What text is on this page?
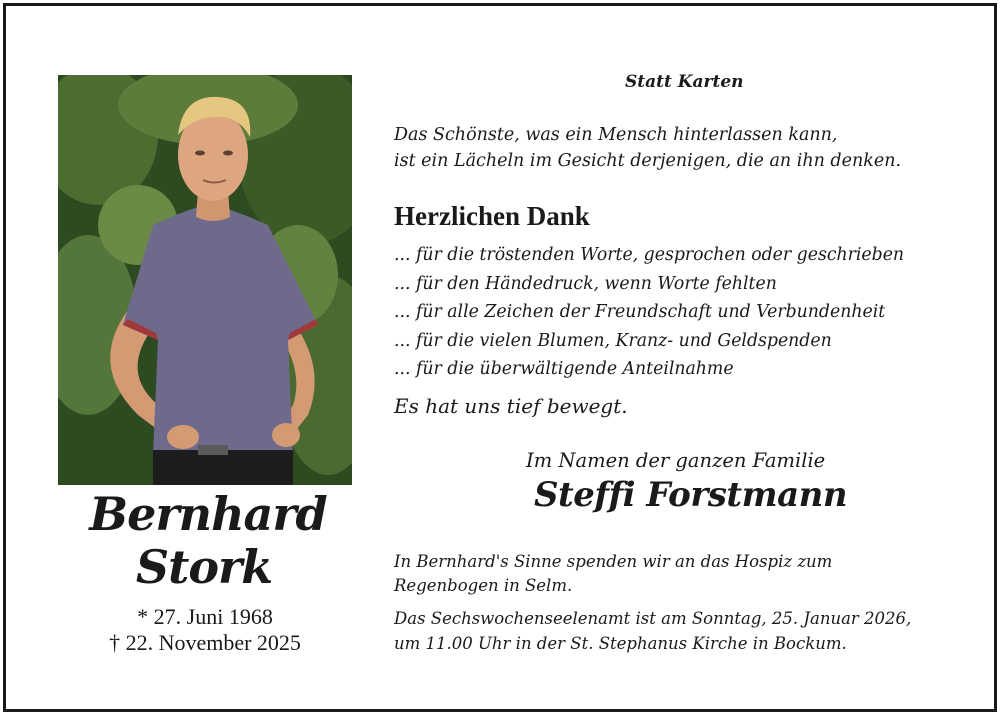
Bernhard
Stork
* 27. Juni 1968
† 22. November 2025
Statt Karten
Das Schönste, was ein Mensch hinterlassen kann,
ist ein Lächeln im Gesicht derjenigen, die an ihn denken.
Herzlichen Dank
... für die tröstenden Worte, gesprochen oder geschrieben
... für den Händedruck, wenn Worte fehlten
... für alle Zeichen der Freundschaft und Verbundenheit
... für die vielen Blumen, Kranz- und Geldspenden
... für die überwältigende Anteilnahme
Es hat uns tief bewegt.
Im Namen der ganzen Familie
Steffi Forstmann
In Bernhard's Sinne spenden wir an das Hospiz zum
Regenbogen in Selm.
Das Sechswochenseelenamt ist am Sonntag, 25. Januar 2026,
um 11.00 Uhr in der St. Stephanus Kirche in Bockum.
